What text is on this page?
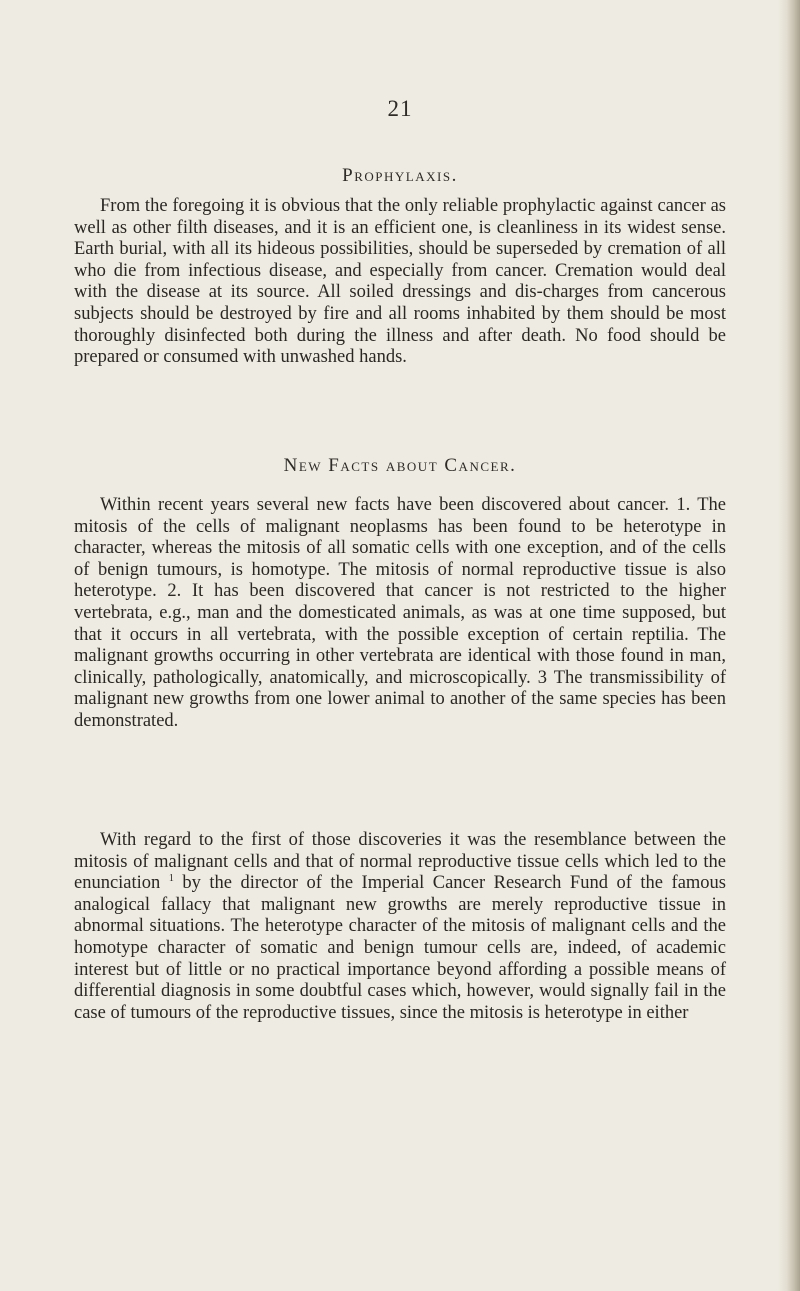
21
Prophylaxis.

From the foregoing it is obvious that the only reliable prophylactic against cancer as well as other filth diseases, and it is an efficient one, is cleanliness in its widest sense. Earth burial, with all its hideous possibilities, should be superseded by cremation of all who die from infectious disease, and especially from cancer. Cremation would deal with the disease at its source. All soiled dressings and dis-charges from cancerous subjects should be destroyed by fire and all rooms inhabited by them should be most thoroughly disinfected both during the illness and after death. No food should be prepared or consumed with unwashed hands.

New Facts about Cancer.

Within recent years several new facts have been discovered about cancer. 1. The mitosis of the cells of malignant neoplasms has been found to be heterotype in character, whereas the mitosis of all somatic cells with one exception, and of the cells of benign tumours, is homotype. The mitosis of normal reproductive tissue is also heterotype. 2. It has been discovered that cancer is not restricted to the higher vertebrata, e.g., man and the domesticated animals, as was at one time supposed, but that it occurs in all vertebrata, with the possible exception of certain reptilia. The malignant growths occurring in other vertebrata are identical with those found in man, clinically, pathologically, anatomically, and microscopically. 3 The transmissibility of malignant new growths from one lower animal to another of the same species has been demonstrated.

With regard to the first of those discoveries it was the resemblance between the mitosis of malignant cells and that of normal reproductive tissue cells which led to the enunciation $^1$ by the director of the Imperial Cancer Research Fund of the famous analogical fallacy that malignant new growths are merely reproductive tissue in abnormal situations. The heterotype character of the mitosis of malignant cells and the homotype character of somatic and benign tumour cells are, indeed, of academic interest but of little or no practical importance beyond affording a possible means of differential diagnosis in some doubtful cases which, however, would signally fail in the case of tumours of the reproductive tissues, since the mitosis is heterotype in either
